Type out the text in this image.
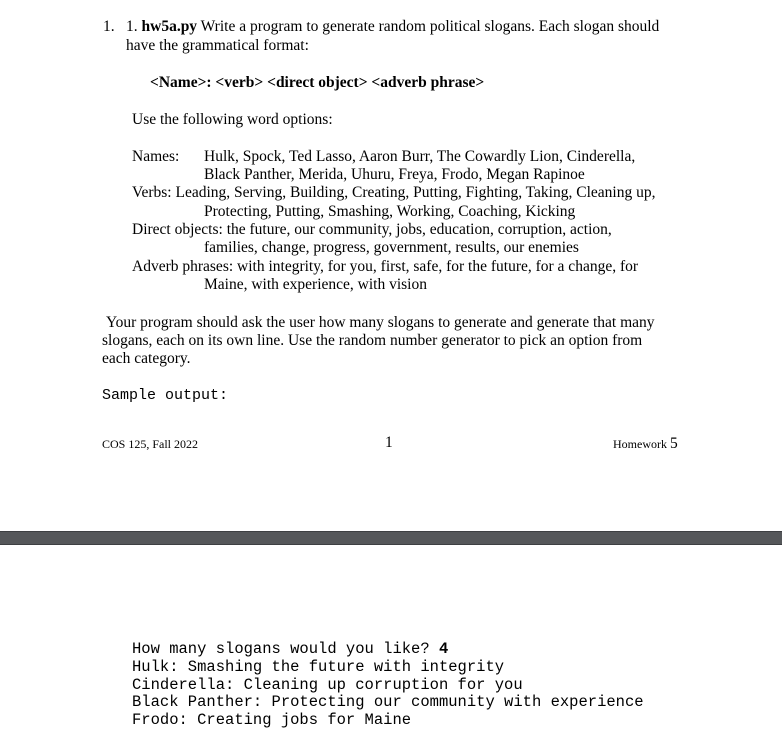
1. 1. hw5a.py Write a program to generate random political slogans. Each slogan should
have the grammatical format:
<Name>: <verb> <direct object> <adverb phrase>
Use the following word options:
Names: Hulk, Spock, Ted Lasso, Aaron Burr, The Cowardly Lion, Cinderella,
Black Panther, Merida, Uhuru, Freya, Frodo, Megan Rapinoe
Verbs: Leading, Serving, Building, Creating, Putting, Fighting, Taking, Cleaning up,
Protecting, Putting, Smashing, Working, Coaching, Kicking
Direct objects: the future, our community, jobs, education, corruption, action,
families, change, progress, government, results, our enemies
Adverb phrases: with integrity, for you, first, safe, for the future, for a change, for
Maine, with experience, with vision
Your program should ask the user how many slogans to generate and generate that many
slogans, each on its own line. Use the random number generator to pick an option from
each category.
Sample output:
COS 125, Fall 2022	1	Homework 5
How many slogans would you like? 4
Hulk: Smashing the future with integrity
Cinderella: Cleaning up corruption for you
Black Panther: Protecting our community with experience
Frodo: Creating jobs for Maine
